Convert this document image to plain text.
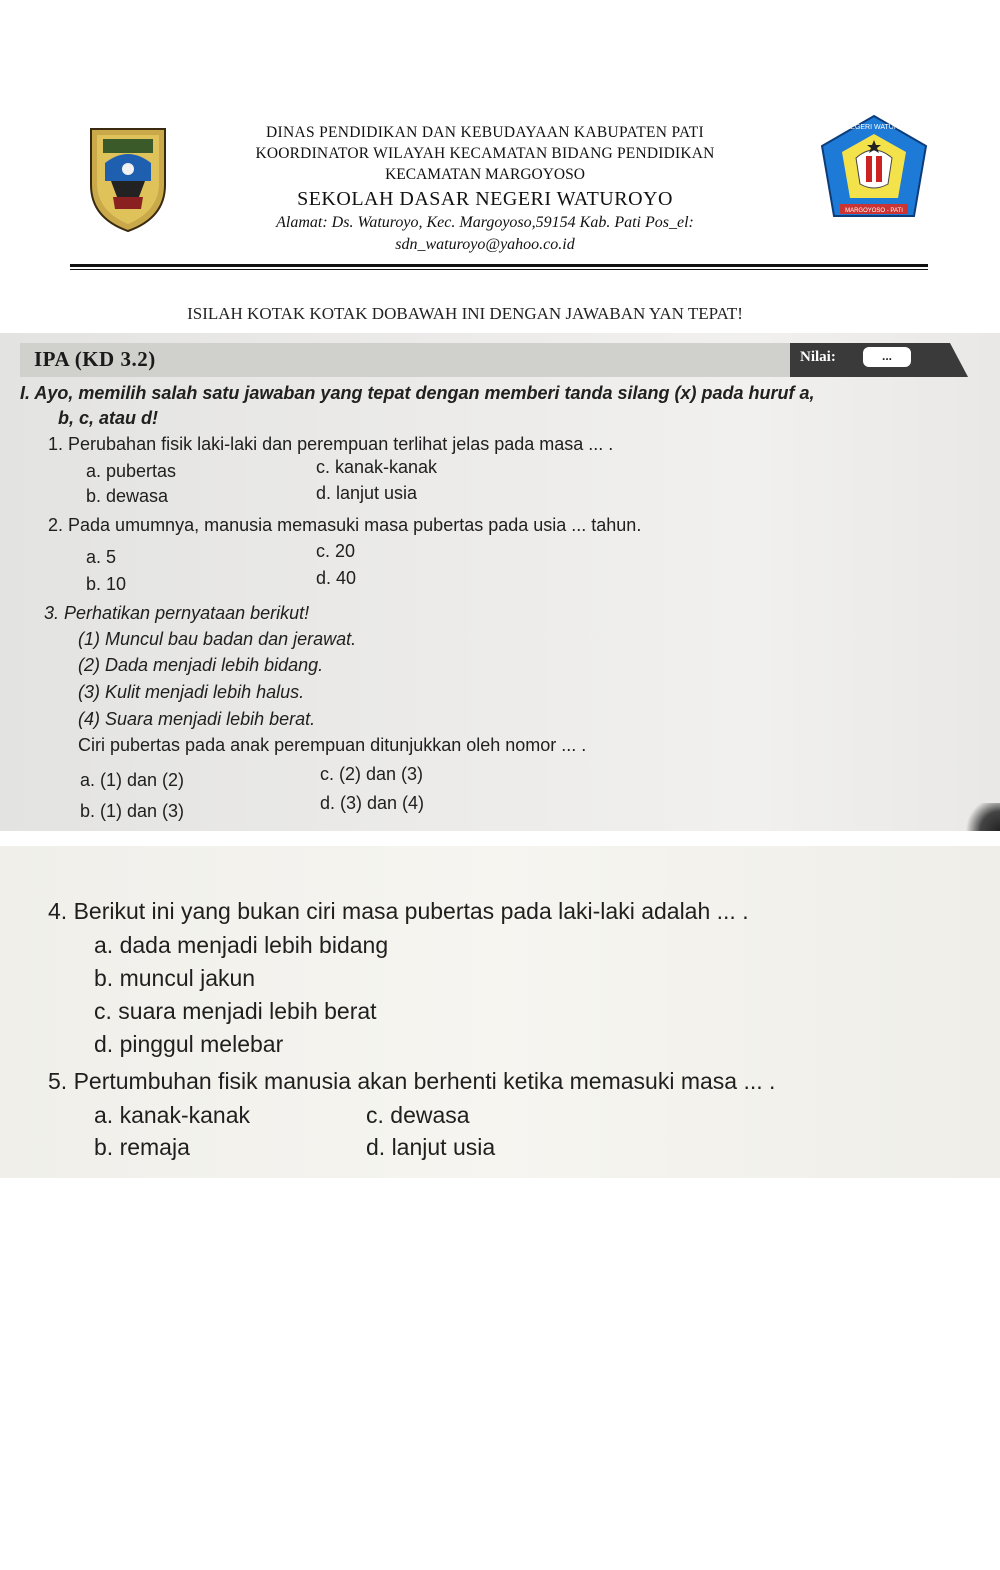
DINAS PENDIDIKAN DAN KEBUDAYAAN KABUPATEN PATI
KOORDINATOR WILAYAH KECAMATAN BIDANG PENDIDIKAN
KECAMATAN MARGOYOSO
SEKOLAH DASAR NEGERI WATUROYO
Alamat: Ds. Waturoyo, Kec. Margoyoso,59154 Kab. Pati Pos_el:
sdn_waturoyo@yahoo.co.id
MARGOYOSO - PATI
SD NEGERI WATUROYO
ISILAH KOTAK KOTAK DOBAWAH INI DENGAN JAWABAN YAN TEPAT!
IPA (KD 3.2)	Nilai:	...
I. Ayo, memilih salah satu jawaban yang tepat dengan memberi tanda silang (x) pada huruf a,
b, c, atau d!
1. Perubahan fisik laki-laki dan perempuan terlihat jelas pada masa ... .
a. pubertas	c. kanak-kanak
b. dewasa	d. lanjut usia
2. Pada umumnya, manusia memasuki masa pubertas pada usia ... tahun.
a. 5	c. 20
b. 10	d. 40
3. Perhatikan pernyataan berikut!
(1) Muncul bau badan dan jerawat.
(2) Dada menjadi lebih bidang.
(3) Kulit menjadi lebih halus.
(4) Suara menjadi lebih berat.
Ciri pubertas pada anak perempuan ditunjukkan oleh nomor ... .
a. (1) dan (2)	c. (2) dan (3)
b. (1) dan (3)	d. (3) dan (4)
4. Berikut ini yang bukan ciri masa pubertas pada laki-laki adalah ... .
a. dada menjadi lebih bidang
b. muncul jakun
c. suara menjadi lebih berat
d. pinggul melebar
5. Pertumbuhan fisik manusia akan berhenti ketika memasuki masa ... .
a. kanak-kanak	c. dewasa
b. remaja	d. lanjut usia
